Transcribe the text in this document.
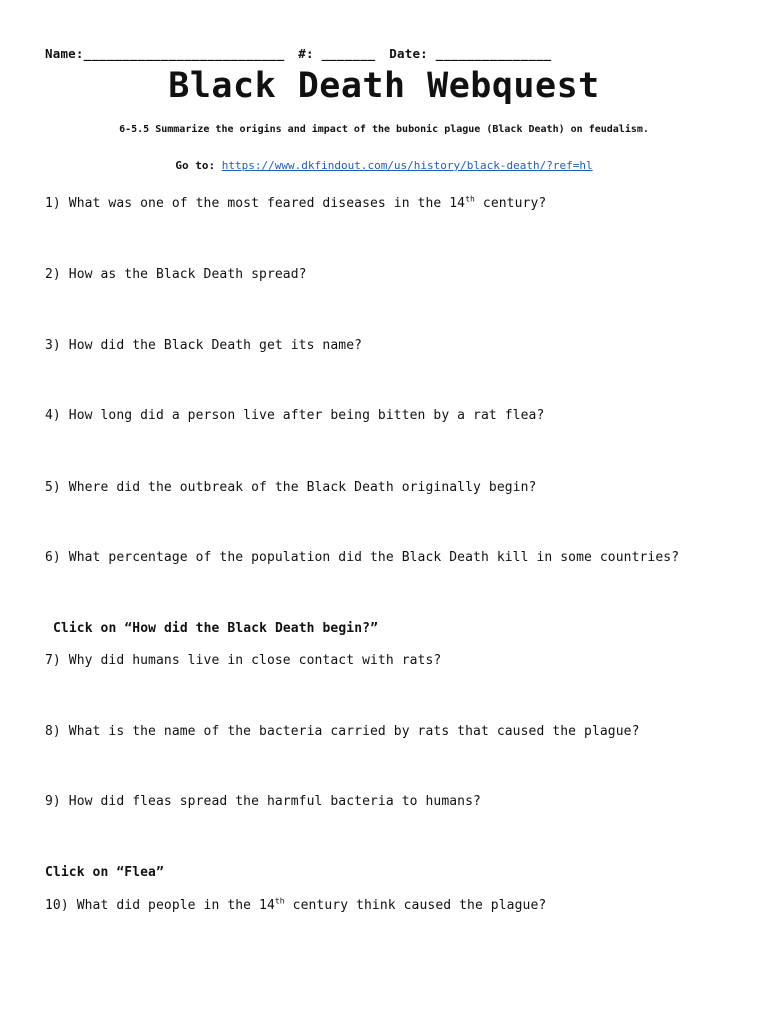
Name:__________________________ #: _______ Date: _______________
Black Death Webquest
6-5.5 Summarize the origins and impact of the bubonic plague (Black Death) on feudalism.
Go to: https://www.dkfindout.com/us/history/black-death/?ref=hl
1) What was one of the most feared diseases in the 14th century?
2) How as the Black Death spread?
3) How did the Black Death get its name?
4) How long did a person live after being bitten by a rat flea?
5) Where did the outbreak of the Black Death originally begin?
6) What percentage of the population did the Black Death kill in some countries?
Click on “How did the Black Death begin?”
7) Why did humans live in close contact with rats?
8) What is the name of the bacteria carried by rats that caused the plague?
9) How did fleas spread the harmful bacteria to humans?
Click on “Flea”
10) What did people in the 14th century think caused the plague?
